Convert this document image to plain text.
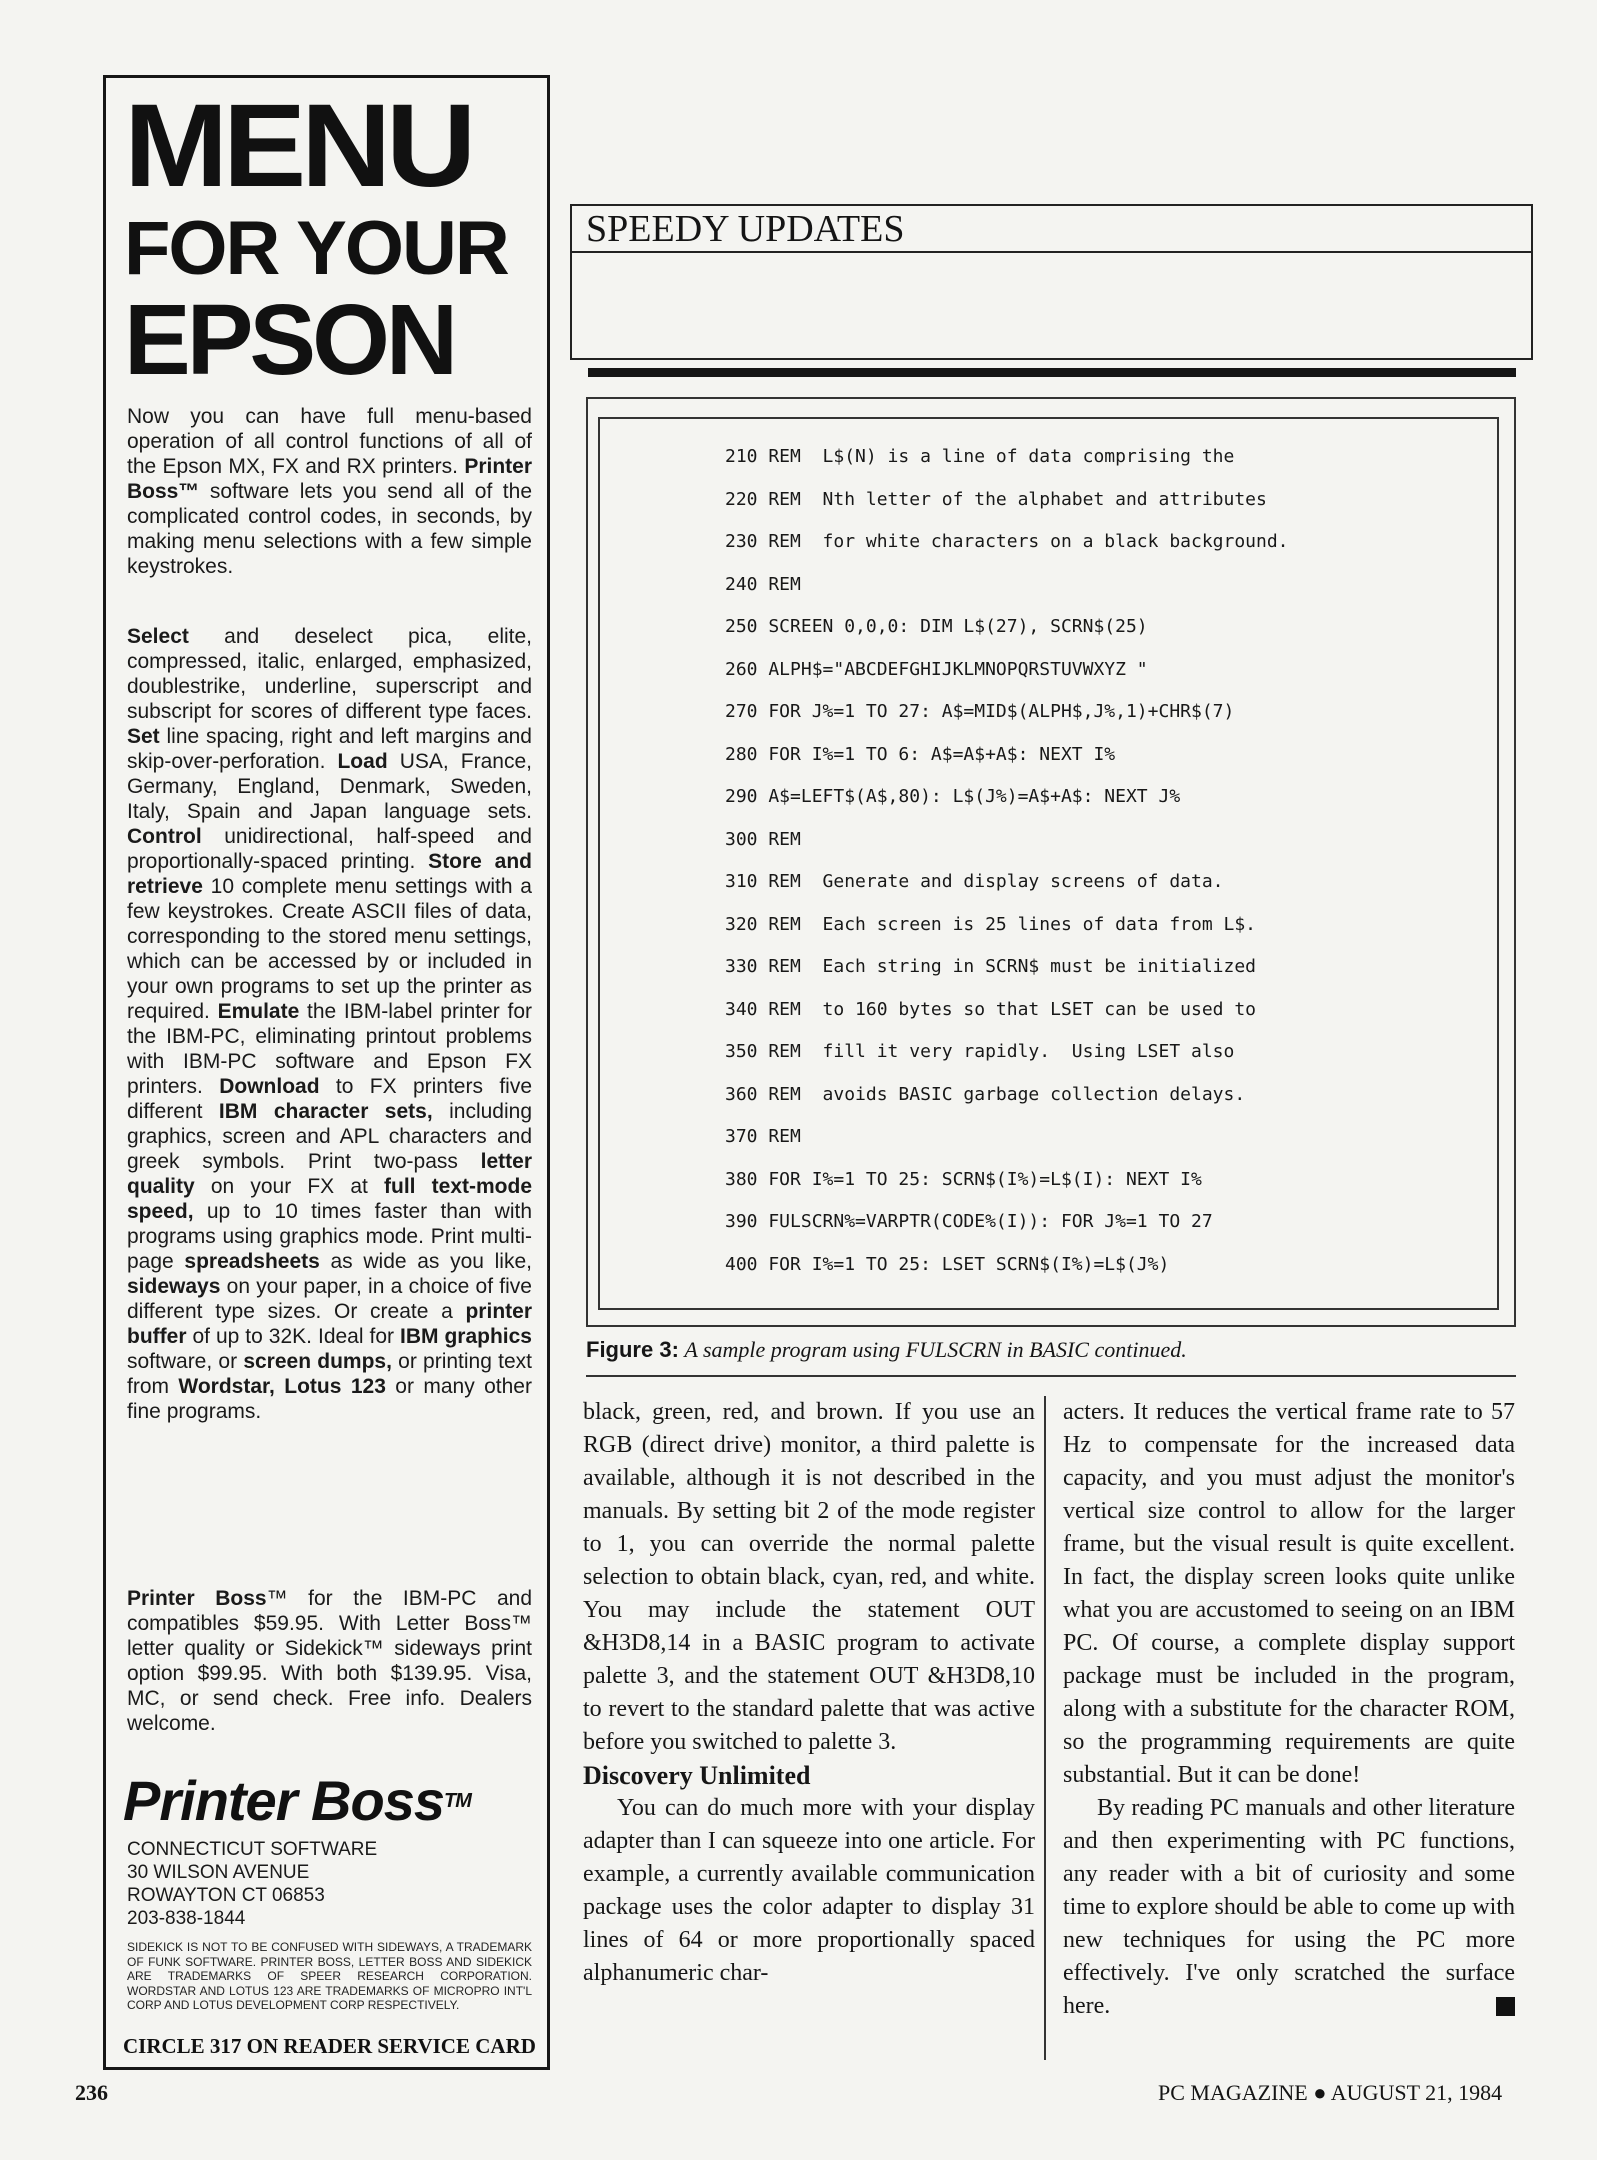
MENU
FOR YOUR
EPSON

Now you can have full menu-based operation of all control functions of all of the Epson MX, FX and RX printers. Printer Boss™ software lets you send all of the complicated control codes, in seconds, by making menu selections with a few simple keystrokes.

Select and deselect pica, elite, compressed, italic, enlarged, emphasized, doublestrike, underline, superscript and subscript for scores of different type faces. Set line spacing, right and left margins and skip-over-perforation. Load USA, France, Germany, England, Denmark, Sweden, Italy, Spain and Japan language sets. Control unidirectional, half-speed and proportionally-spaced printing. Store and retrieve 10 complete menu settings with a few keystrokes. Create ASCII files of data, corresponding to the stored menu settings, which can be accessed by or included in your own programs to set up the printer as required. Emulate the IBM-label printer for the IBM-PC, eliminating printout problems with IBM-PC software and Epson FX printers. Download to FX printers five different IBM character sets, including graphics, screen and APL characters and greek symbols. Print two-pass letter quality on your FX at full text-mode speed, up to 10 times faster than with programs using graphics mode. Print multi-page spreadsheets as wide as you like, sideways on your paper, in a choice of five different type sizes. Or create a printer buffer of up to 32K. Ideal for IBM graphics software, or screen dumps, or printing text from Wordstar, Lotus 123 or many other fine programs.

Printer Boss™ for the IBM-PC and compatibles $59.95. With Letter Boss™ letter quality or Sidekick™ sideways print option $99.95. With both $139.95. Visa, MC, or send check. Free info. Dealers welcome.

Printer Boss™

CONNECTICUT SOFTWARE
30 WILSON AVENUE
ROWAYTON CT 06853
203-838-1844

SIDEKICK IS NOT TO BE CONFUSED WITH SIDEWAYS, A TRADEMARK OF FUNK SOFTWARE. PRINTER BOSS, LETTER BOSS AND SIDEKICK ARE TRADEMARKS OF SPEER RESEARCH CORPORATION. WORDSTAR AND LOTUS 123 ARE TRADEMARKS OF MICROPRO INT'L CORP AND LOTUS DEVELOPMENT CORP RESPECTIVELY.

CIRCLE 317 ON READER SERVICE CARD

SPEEDY UPDATES
210 REM  L$(N) is a line of data comprising the
220 REM  Nth letter of the alphabet and attributes
230 REM  for white characters on a black background.
240 REM
250 SCREEN 0,0,0: DIM L$(27), SCRN$(25)
260 ALPH$="ABCDEFGHIJKLMNOPQRSTUVWXYZ "
270 FOR J%=1 TO 27: A$=MID$(ALPH$,J%,1)+CHR$(7)
280 FOR I%=1 TO 6: A$=A$+A$: NEXT I%
290 A$=LEFT$(A$,80): L$(J%)=A$+A$: NEXT J%
300 REM
310 REM  Generate and display screens of data.
320 REM  Each screen is 25 lines of data from L$.
330 REM  Each string in SCRN$ must be initialized
340 REM  to 160 bytes so that LSET can be used to
350 REM  fill it very rapidly.  Using LSET also
360 REM  avoids BASIC garbage collection delays.
370 REM
380 FOR I%=1 TO 25: SCRN$(I%)=L$(I): NEXT I%
390 FULSCRN%=VARPTR(CODE%(I)): FOR J%=1 TO 27
400 FOR I%=1 TO 25: LSET SCRN$(I%)=L$(J%)
Figure 3: A sample program using FULSCRN in BASIC continued.

black, green, red, and brown. If you use an RGB (direct drive) monitor, a third palette is available, although it is not described in the manuals. By setting bit 2 of the mode register to 1, you can override the normal palette selection to obtain black, cyan, red, and white. You may include the statement OUT &H3D8,14 in a BASIC program to activate palette 3, and the statement OUT &H3D8,10 to revert to the standard palette that was active before you switched to palette 3.

Discovery Unlimited

You can do much more with your display adapter than I can squeeze into one article. For example, a currently available communication package uses the color adapter to display 31 lines of 64 or more proportionally spaced alphanumeric char-

acters. It reduces the vertical frame rate to 57 Hz to compensate for the increased data capacity, and you must adjust the monitor's vertical size control to allow for the larger frame, but the visual result is quite excellent. In fact, the display screen looks quite unlike what you are accustomed to seeing on an IBM PC. Of course, a complete display support package must be included in the program, along with a substitute for the character ROM, so the programming requirements are quite substantial. But it can be done!

By reading PC manuals and other literature and then experimenting with PC functions, any reader with a bit of curiosity and some time to explore should be able to come up with new techniques for using the PC more effectively. I've only scratched the surface here.

236	PC MAGAZINE ● AUGUST 21, 1984
